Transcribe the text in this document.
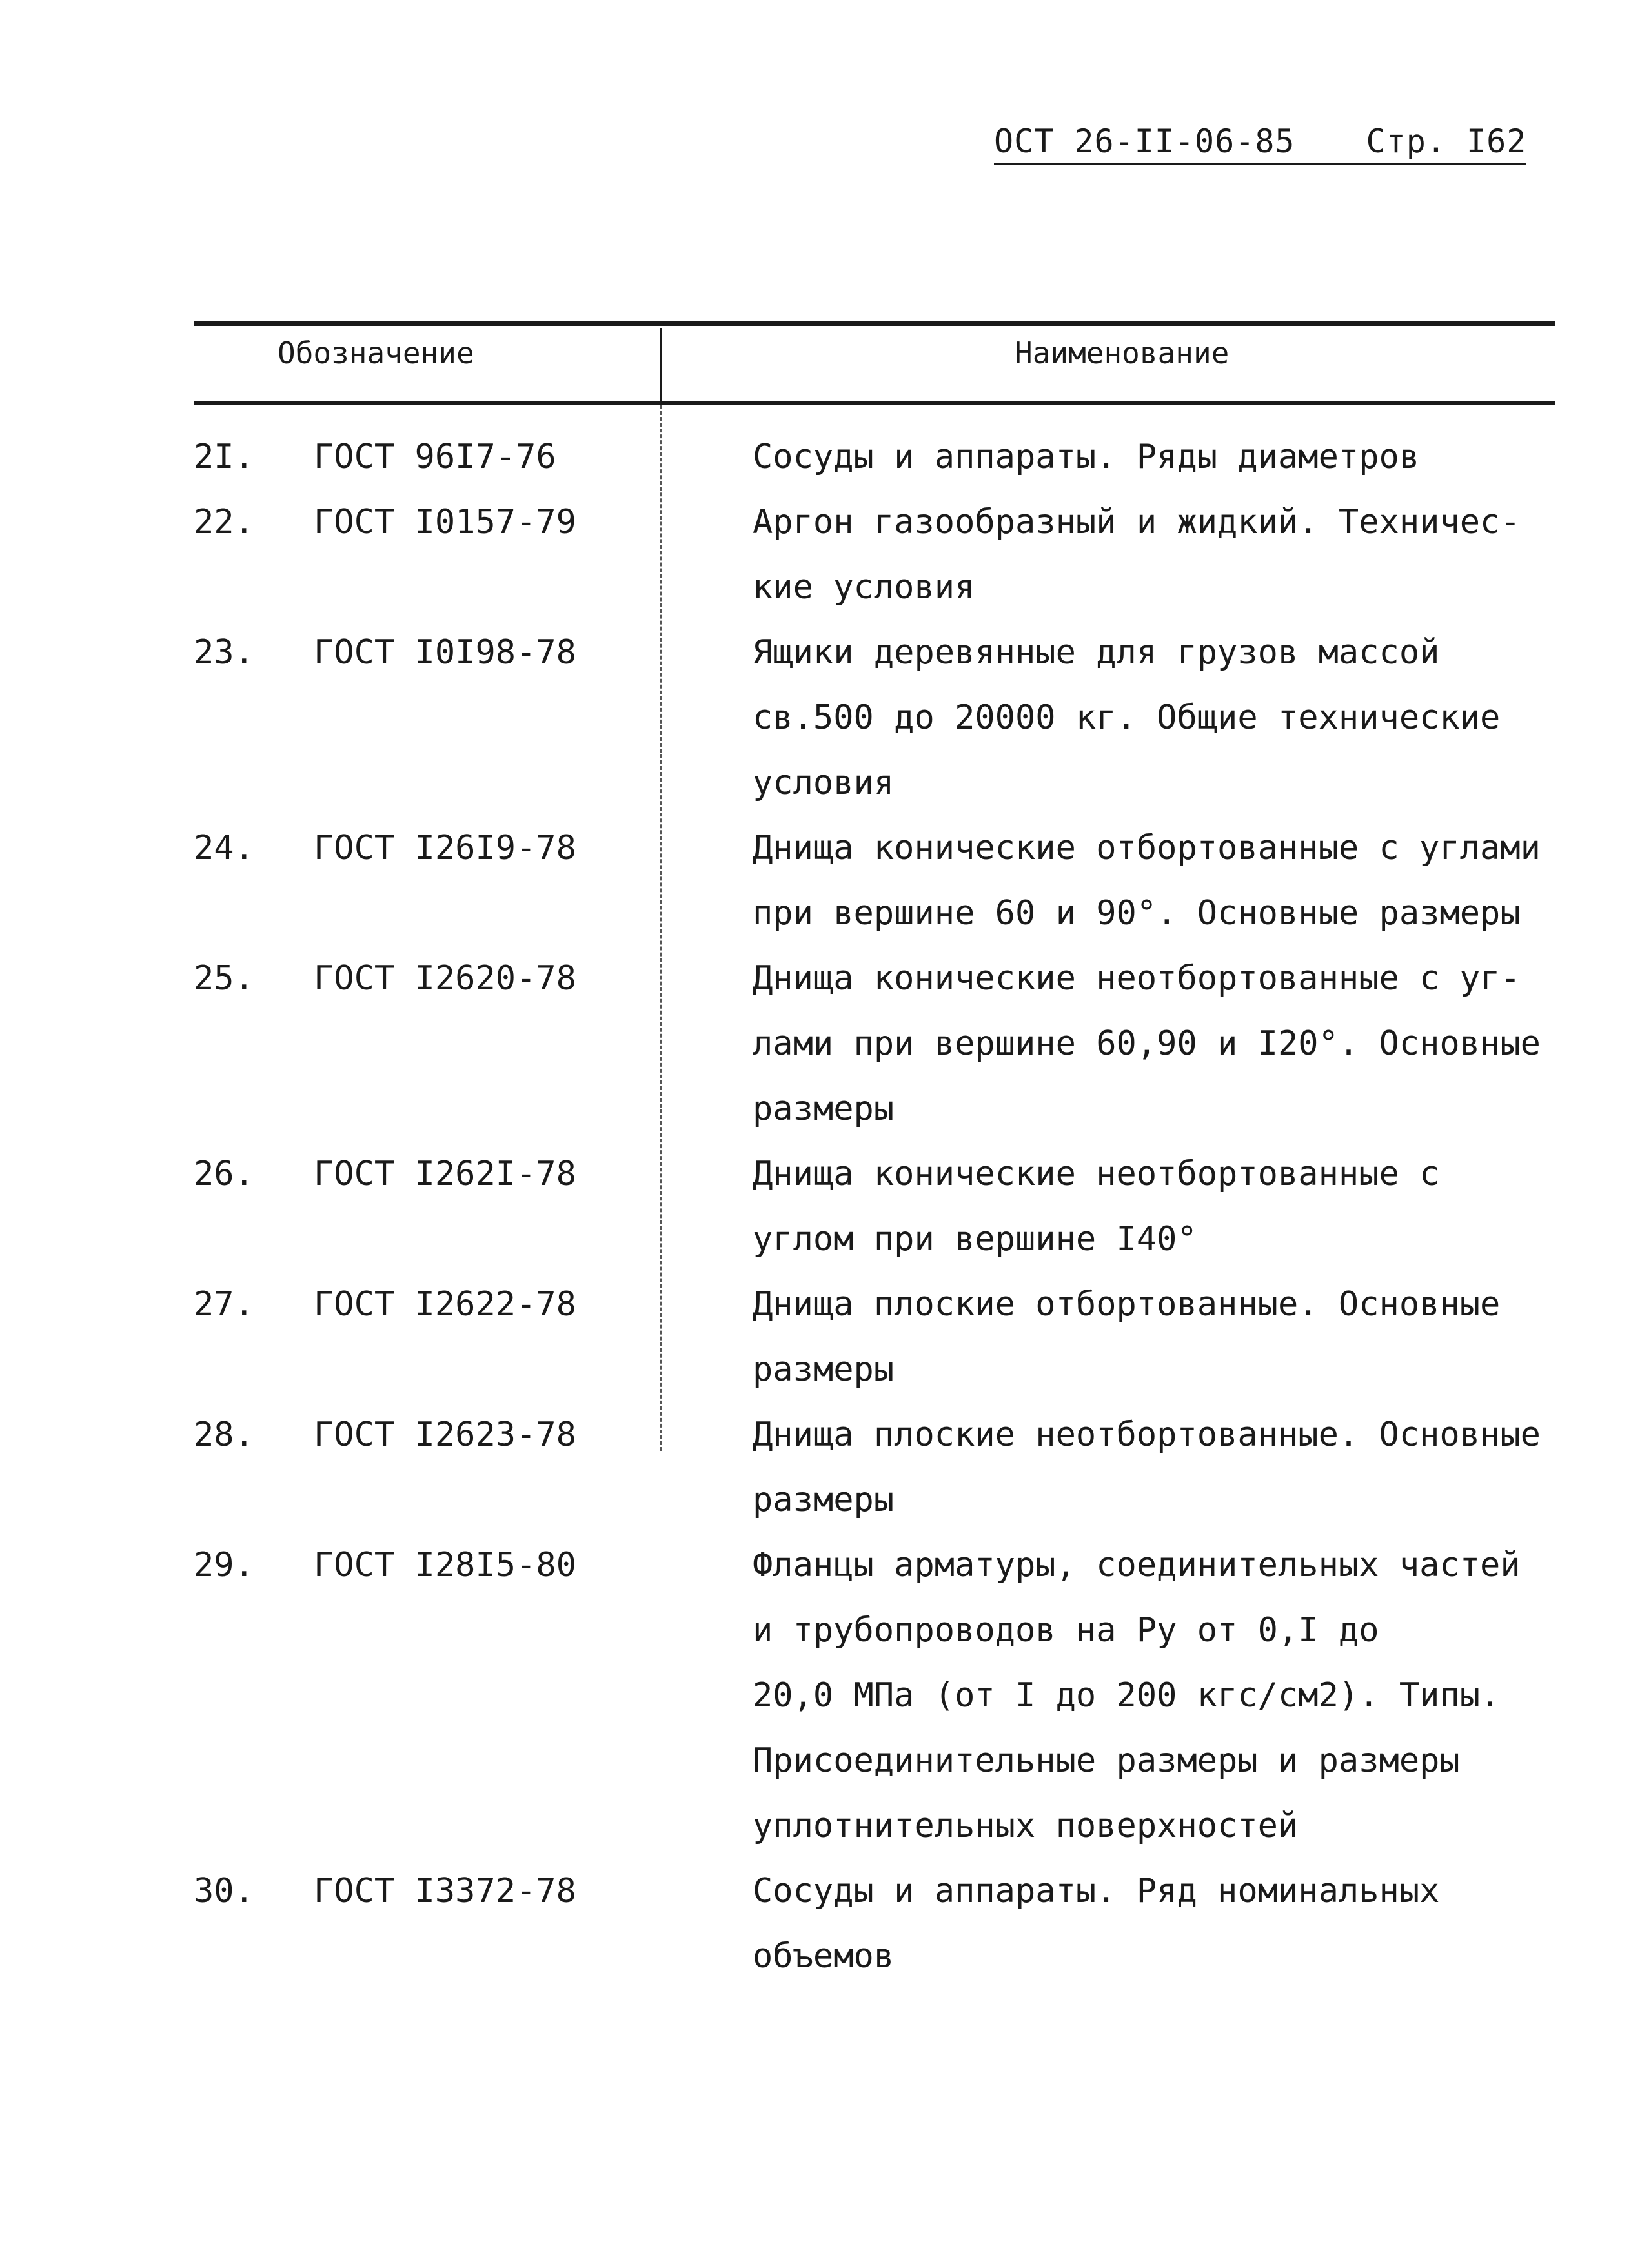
ОСТ 26-II-06-85 Стр. I62
Обозначение	Наименование
2I. ГОСТ 96I7-76	Сосуды и аппараты. Ряды диаметров
22. ГОСТ I0157-79	Аргон газообразный и жидкий. Техничес-
кие условия
23. ГОСТ I0I98-78	Ящики деревянные для грузов массой
св.500 до 20000 кг. Общие технические
условия
24. ГОСТ I26I9-78	Днища конические отбортованные с углами
при вершине 60 и 90°. Основные размеры
25. ГОСТ I2620-78	Днища конические неотбортованные с уг-
лами при вершине 60,90 и I20°. Основные
размеры
26. ГОСТ I262I-78	Днища конические неотбортованные с
углом при вершине I40°
27. ГОСТ I2622-78	Днища плоские отбортованные. Основные
размеры
28. ГОСТ I2623-78	Днища плоские неотбортованные. Основные
размеры
29. ГОСТ I28I5-80	Фланцы арматуры, соединительных частей
и трубопроводов на Ру от 0,I до
20,0 МПа (от I до 200 кгс/см2). Типы.
Присоединительные размеры и размеры
уплотнительных поверхностей
30. ГОСТ I3372-78	Сосуды и аппараты. Ряд номинальных
объемов
